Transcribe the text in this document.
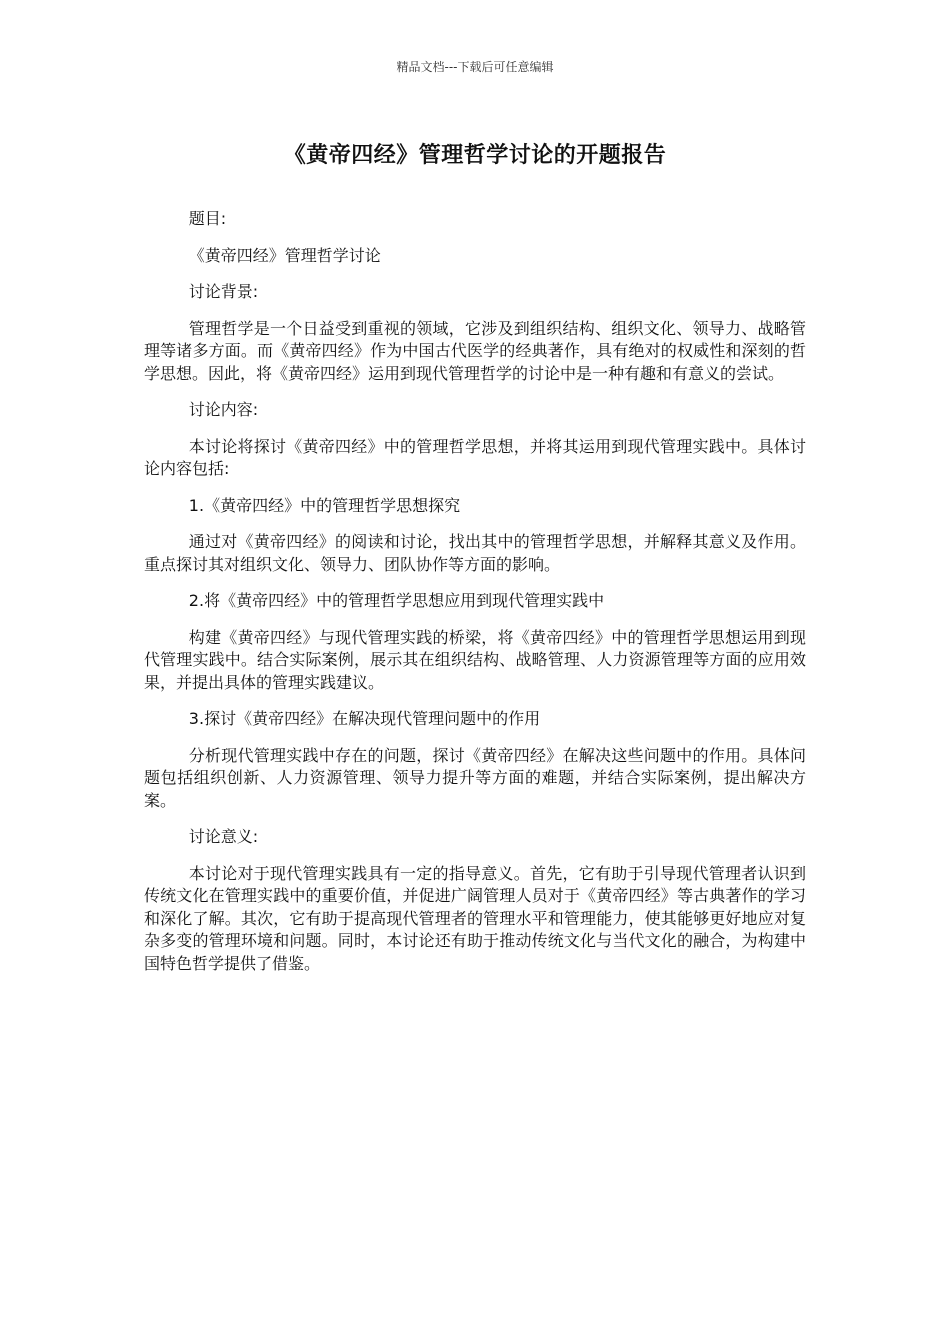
精品文档---下载后可任意编辑
《黄帝四经》管理哲学讨论的开题报告

题目:

《黄帝四经》管理哲学讨论

讨论背景:

管理哲学是一个日益受到重视的领域，它涉及到组织结构、组织文化、领导力、战略管理等诸多方面。而《黄帝四经》作为中国古代医学的经典著作，具有绝对的权威性和深刻的哲学思想。因此，将《黄帝四经》运用到现代管理哲学的讨论中是一种有趣和有意义的尝试。

讨论内容:

本讨论将探讨《黄帝四经》中的管理哲学思想，并将其运用到现代管理实践中。具体讨论内容包括:

1.《黄帝四经》中的管理哲学思想探究

通过对《黄帝四经》的阅读和讨论，找出其中的管理哲学思想，并解释其意义及作用。重点探讨其对组织文化、领导力、团队协作等方面的影响。

2.将《黄帝四经》中的管理哲学思想应用到现代管理实践中

构建《黄帝四经》与现代管理实践的桥梁，将《黄帝四经》中的管理哲学思想运用到现代管理实践中。结合实际案例，展示其在组织结构、战略管理、人力资源管理等方面的应用效果，并提出具体的管理实践建议。

3.探讨《黄帝四经》在解决现代管理问题中的作用

分析现代管理实践中存在的问题，探讨《黄帝四经》在解决这些问题中的作用。具体问题包括组织创新、人力资源管理、领导力提升等方面的难题，并结合实际案例，提出解决方案。

讨论意义:

本讨论对于现代管理实践具有一定的指导意义。首先，它有助于引导现代管理者认识到传统文化在管理实践中的重要价值，并促进广阔管理人员对于《黄帝四经》等古典著作的学习和深化了解。其次，它有助于提高现代管理者的管理水平和管理能力，使其能够更好地应对复杂多变的管理环境和问题。同时，本讨论还有助于推动传统文化与当代文化的融合，为构建中国特色哲学提供了借鉴。
